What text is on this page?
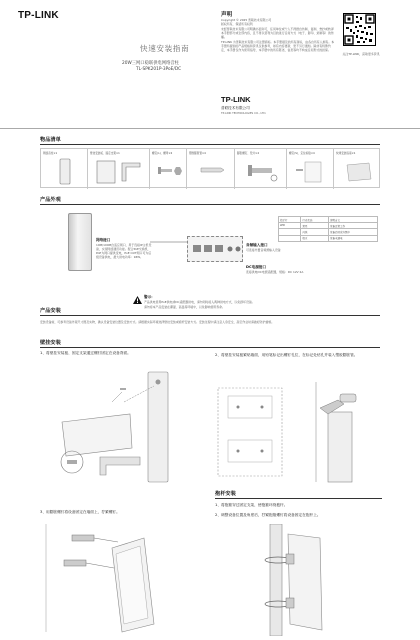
TP-LINK
快速安装指南
20W三网口稳联供电网络音柱
TL-SPK201P-3PoE/DC
声明
Copyright © 2025 普联技术有限公司
版权所有，保留所有权利
未经普联技术有限公司明确书面许可，任何单位或个人不得擅自仿制、复制、誊抄或转译本手册部分或全部内容，且不得以营利为目的进行任何方式（电子、影印、录制等）的传播。
TP-LINK 为普联技术有限公司注册商标。本手册提及的所有商标，由各自所有人拥有。本手册所提到的产品规格和资讯仅供参考，如有内容更新，恕不另行通知。除非有特殊约定，本手册仅作为使用指导，本手册中的所有陈述、信息等均不构成任何形式的担保。
关注TP-LINK，获取更多资讯
TP-LINK
普联技术有限公司
TP-LINK TECHNOLOGIES CO., LTD.
物品清单
网络音柱×1	壁挂安装板、固定支架×1	螺钉(L)、螺母×2	塑胶膨胀管×4	膨胀螺钉、垫片×4	螺钉(S)、定位标贴×4	快速安装指南×1
产品外观
网络接口
10M/100M自适应网口，用于连接IP主机设备，实现网络通讯功能。配合PoE交换机，PoE为网口提供受电，PoE OUT网口可为后级设备供电，最大供电功率：18W。
音频输入接口
可连接外置音频源输入设备
DC电源接口
连接供电DC电源适配器，规格：DC 12V 2A
指示灯	灯光状态	说明含义
LED	常亮	设备正常工作
	闪烁	设备启动或升级中
	熄灭	设备未通电
警示：
产品供电使用PoE供电或DC适配器供电，请勿同时接入两种供电方式，以免损坏设备。
请勿将本产品安装在潮湿、高温等环境中，以免影响使用寿命。
产品安装
安装设备前，可参考设备外观尺寸图及实物，确认设备安装位置及安装方式。请根据实际环境选择壁挂安装或抱杆安装方式。安装过程中请注意人身安全，高空作业时请做好防护措施。
壁挂安装
1、将壁挂安装板、固定支架通过螺钉固定在设备背面。	2、将壁挂安装板紧贴墙面，用铅笔标记出螺钉孔位，在标记处钻孔并装入塑胶膨胀管。
3、用膨胀螺钉将设备固定在墙面上，拧紧螺钉。
抱杆安装
1、将抱箍穿过固定支架，使抱箍环绕抱杆。
2、调整设备位置及角度后，拧紧抱箍螺钉将设备固定在抱杆上。
